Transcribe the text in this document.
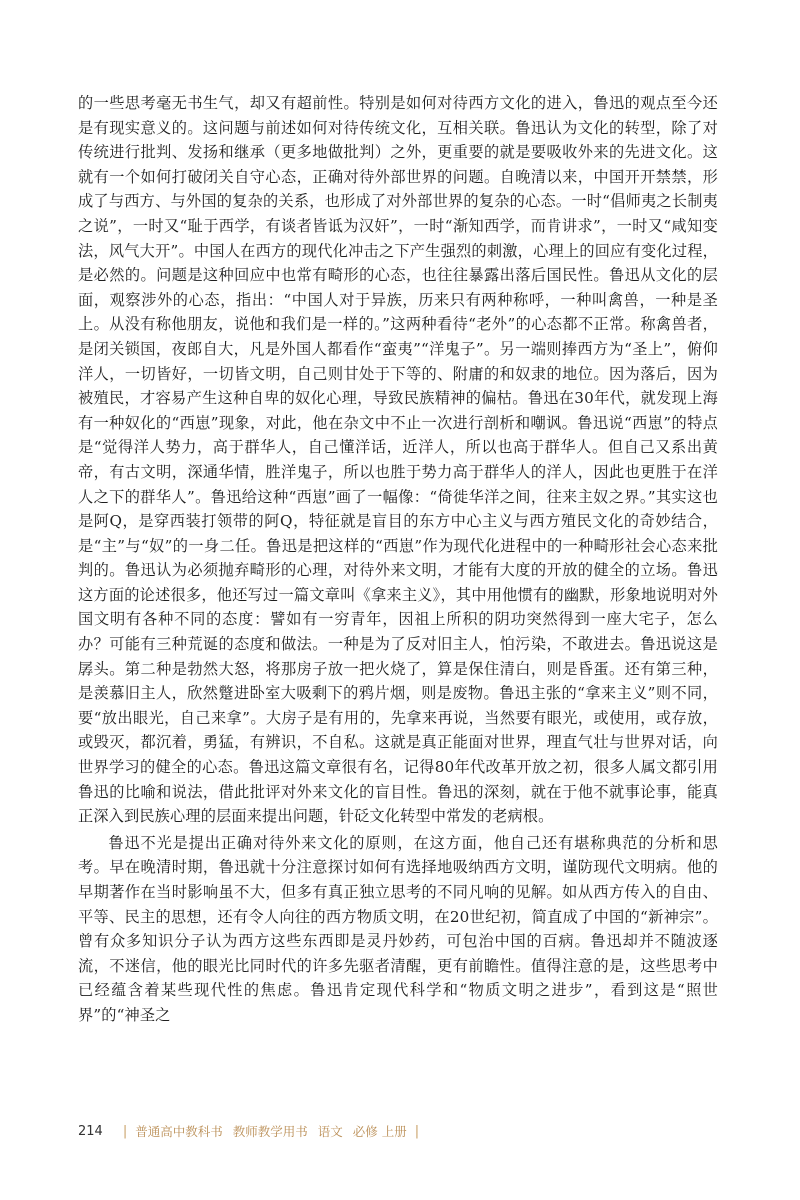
的一些思考毫无书生气，却又有超前性。特别是如何对待西方文化的进入，鲁迅的观点至今还是有现实意义的。这问题与前述如何对待传统文化，互相关联。鲁迅认为文化的转型，除了对传统进行批判、发扬和继承（更多地做批判）之外，更重要的就是要吸收外来的先进文化。这就有一个如何打破闭关自守心态，正确对待外部世界的问题。自晚清以来，中国开开禁禁，形成了与西方、与外国的复杂的关系，也形成了对外部世界的复杂的心态。一时“倡师夷之长制夷之说”，一时又“耻于西学，有谈者皆诋为汉奸”，一时“渐知西学，而肯讲求”，一时又“咸知变法，风气大开”。中国人在西方的现代化冲击之下产生强烈的刺激，心理上的回应有变化过程，是必然的。问题是这种回应中也常有畸形的心态，也往往暴露出落后国民性。鲁迅从文化的层面，观察涉外的心态，指出：“中国人对于异族，历来只有两种称呼，一种叫禽兽，一种是圣上。从没有称他朋友，说他和我们是一样的。”这两种看待“老外”的心态都不正常。称禽兽者，是闭关锁国，夜郎自大，凡是外国人都看作“蛮夷”“洋鬼子”。另一端则捧西方为“圣上”，俯仰洋人，一切皆好，一切皆文明，自己则甘处于下等的、附庸的和奴隶的地位。因为落后，因为被殖民，才容易产生这种自卑的奴化心理，导致民族精神的偏枯。鲁迅在30年代，就发现上海有一种奴化的“西崽”现象，对此，他在杂文中不止一次进行剖析和嘲讽。鲁迅说“西崽”的特点是“觉得洋人势力，高于群华人，自己懂洋话，近洋人，所以也高于群华人。但自己又系出黄帝，有古文明，深通华情，胜洋鬼子，所以也胜于势力高于群华人的洋人，因此也更胜于在洋人之下的群华人”。鲁迅给这种“西崽”画了一幅像：“倚徙华洋之间，往来主奴之界。”其实这也是阿Q，是穿西装打领带的阿Q，特征就是盲目的东方中心主义与西方殖民文化的奇妙结合，是“主”与“奴”的一身二任。鲁迅是把这样的“西崽”作为现代化进程中的一种畸形社会心态来批判的。鲁迅认为必须抛弃畸形的心理，对待外来文明，才能有大度的开放的健全的立场。鲁迅这方面的论述很多，他还写过一篇文章叫《拿来主义》，其中用他惯有的幽默，形象地说明对外国文明有各种不同的态度：譬如有一穷青年，因祖上所积的阴功突然得到一座大宅子，怎么办？可能有三种荒诞的态度和做法。一种是为了反对旧主人，怕污染，不敢进去。鲁迅说这是孱头。第二种是勃然大怒，将那房子放一把火烧了，算是保住清白，则是昏蛋。还有第三种，是羡慕旧主人，欣然蹩进卧室大吸剩下的鸦片烟，则是废物。鲁迅主张的“拿来主义”则不同，要“放出眼光，自己来拿”。大房子是有用的，先拿来再说，当然要有眼光，或使用，或存放，或毁灭，都沉着，勇猛，有辨识，不自私。这就是真正能面对世界，理直气壮与世界对话，向世界学习的健全的心态。鲁迅这篇文章很有名，记得80年代改革开放之初，很多人属文都引用鲁迅的比喻和说法，借此批评对外来文化的盲目性。鲁迅的深刻，就在于他不就事论事，能真正深入到民族心理的层面来提出问题，针砭文化转型中常发的老病根。

鲁迅不光是提出正确对待外来文化的原则，在这方面，他自己还有堪称典范的分析和思考。早在晚清时期，鲁迅就十分注意探讨如何有选择地吸纳西方文明，谨防现代文明病。他的早期著作在当时影响虽不大，但多有真正独立思考的不同凡响的见解。如从西方传入的自由、平等、民主的思想，还有令人向往的西方物质文明，在20世纪初，简直成了中国的“新神宗”。曾有众多知识分子认为西方这些东西即是灵丹妙药，可包治中国的百病。鲁迅却并不随波逐流，不迷信，他的眼光比同时代的许多先驱者清醒，更有前瞻性。值得注意的是，这些思考中已经蕴含着某些现代性的焦虑。鲁迅肯定现代科学和“物质文明之进步”，看到这是“照世界”的“神圣之

214 | 普通高中教科书 教师教学用书 语文 必修 上册 |
